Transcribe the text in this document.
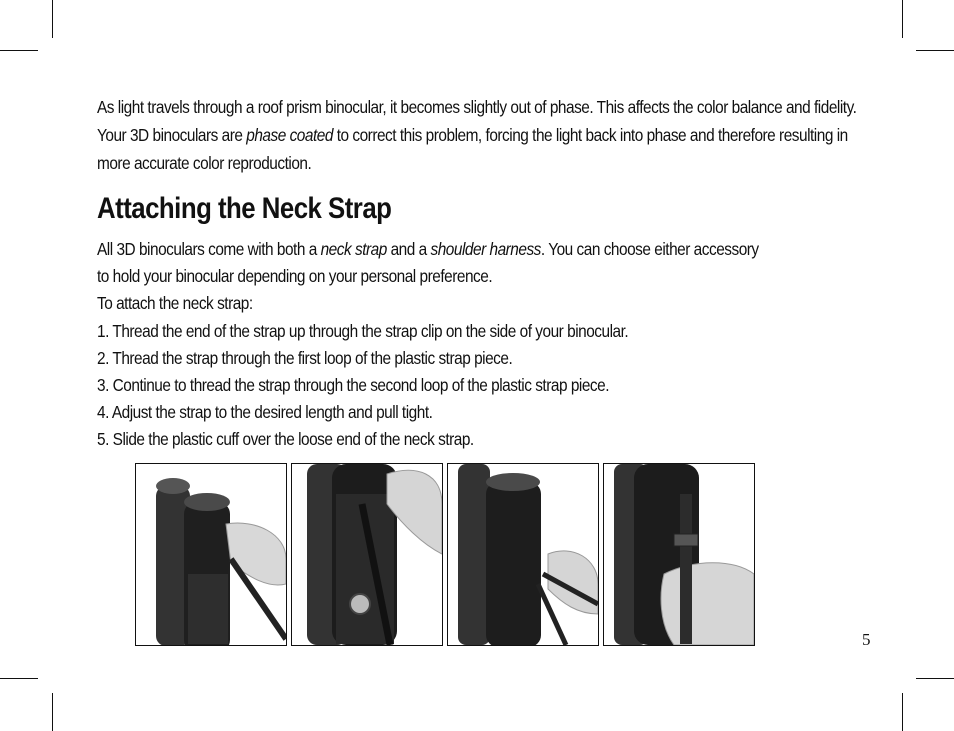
As light travels through a roof prism binocular, it becomes slightly out of phase. This affects the color balance and fidelity. Your 3D binoculars are phase coated to correct this problem, forcing the light back into phase and therefore resulting in more accurate color reproduction.

Attaching the Neck Strap

All 3D binoculars come with both a neck strap and a shoulder harness. You can choose either accessory

to hold your binocular depending on your personal preference.

To attach the neck strap:

1. Thread the end of the strap up through the strap clip on the side of your binocular.

2. Thread the strap through the first loop of the plastic strap piece.

3. Continue to thread the strap through the second loop of the plastic strap piece.

4. Adjust the strap to the desired length and pull tight.

5. Slide the plastic cuff over the loose end of the neck strap.

5
